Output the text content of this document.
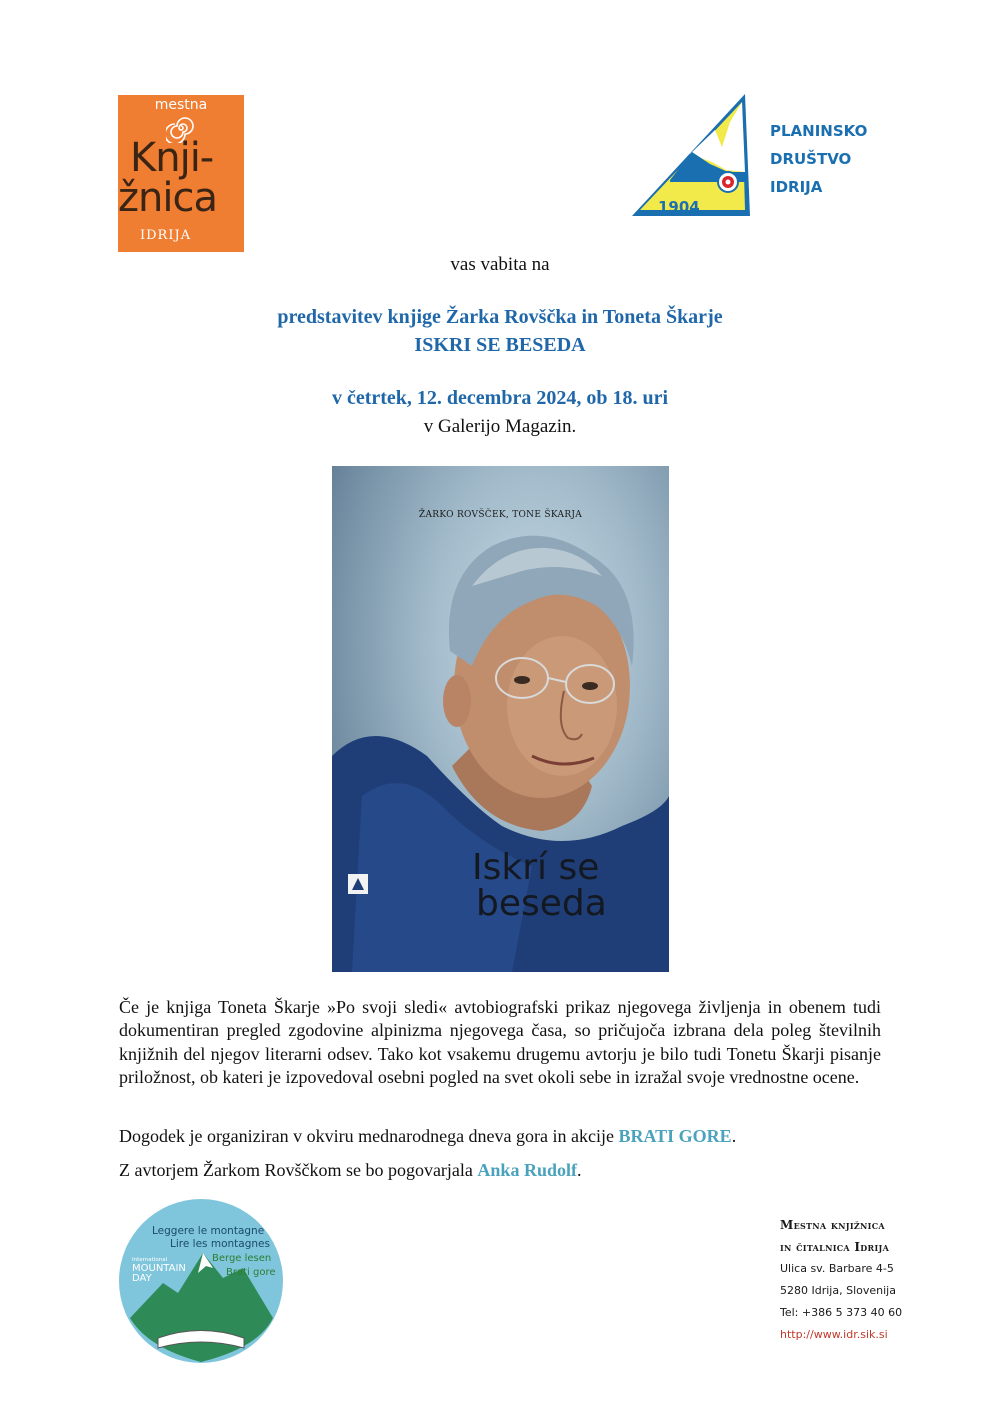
mestna
Knji-
žnica
idrija
1904
PLANINSKO
DRUŠTVO
IDRIJA
vas vabita na
predstavitev knjige Žarka Rovščka in Toneta Škarje
ISKRI SE BESEDA
v četrtek, 12. decembra 2024, ob 18. uri
v Galerijo Magazin.
ŽARKO ROVŠČEK, TONE ŠKARJA
Iskrí se
beseda

Če je knjiga Toneta Škarje »Po svoji sledi« avtobiografski prikaz njegovega življenja in obenem tudi dokumentiran pregled zgodovine alpinizma njegovega časa, so pričujoča izbrana dela poleg številnih knjižnih del njegov literarni odsev. Tako kot vsakemu drugemu avtorju je bilo tudi Tonetu Škarji pisanje priložnost, ob kateri je izpovedoval osebni pogled na svet okoli sebe in izražal svoje vrednostne ocene.

Dogodek je organiziran v okviru mednarodnega dneva gora in akcije BRATI GORE.

Z avtorjem Žarkom Rovščkom se bo pogovarjala Anka Rudolf.

Leggere le montagne
Lire les montagnes
Berge lesen
Brati gore
International
MOUNTAIN
DAY
Mestna knjižnica
in čitalnica Idrija
Ulica sv. Barbare 4-5
5280 Idrija, Slovenija
Tel: +386 5 373 40 60
http://www.idr.sik.si
